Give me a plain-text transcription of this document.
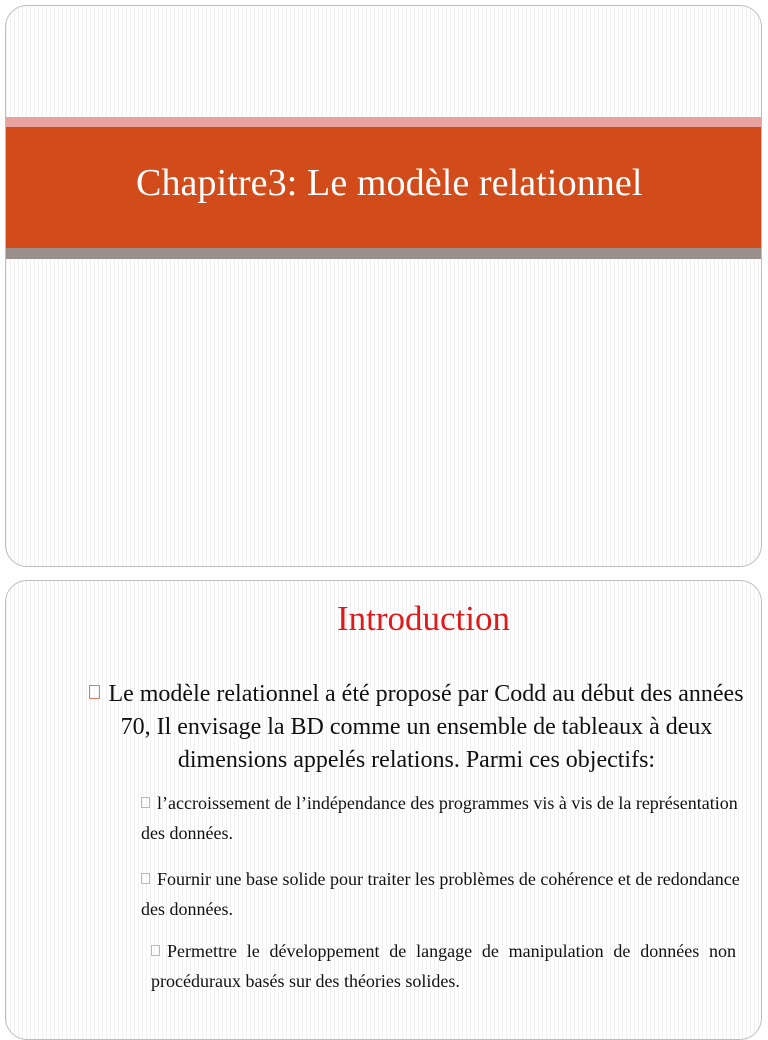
Chapitre3: Le modèle relationnel
Introduction

Le modèle relationnel a été proposé par Codd au début des années 70, Il envisage la BD comme un ensemble de tableaux à deux dimensions appelés relations. Parmi ces objectifs:

l’accroissement de l’indépendance des programmes vis à vis de la représentation des données.

Fournir une base solide pour traiter les problèmes de cohérence et de redondance des données.

Permettre le développement de langage de manipulation de données non procéduraux basés sur des théories solides.
